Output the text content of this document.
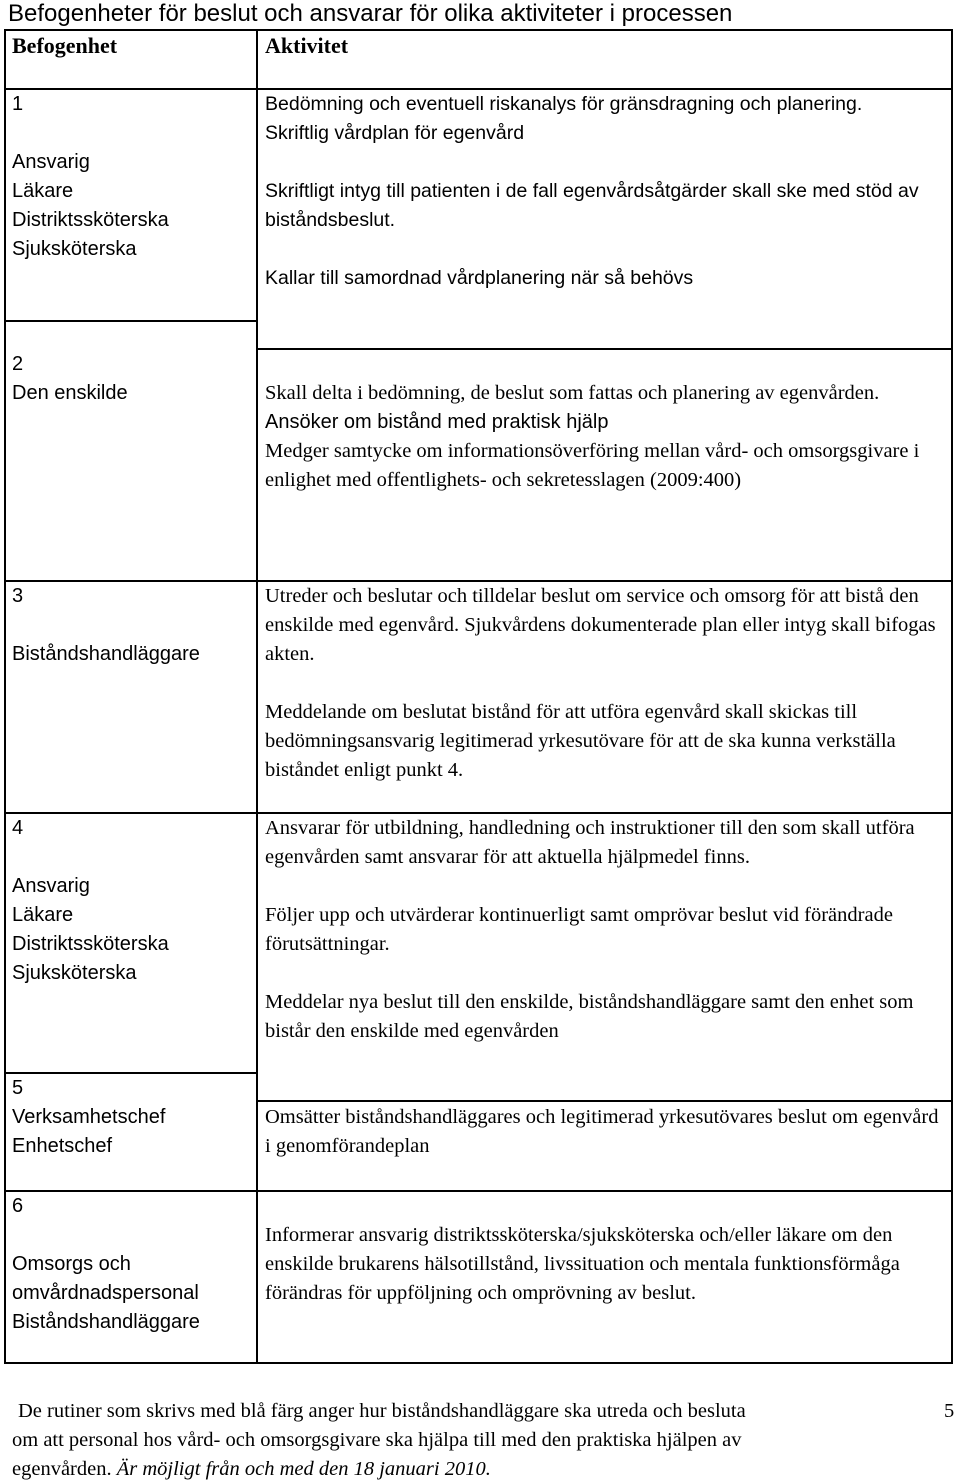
Befogenheter för beslut och ansvarar för olika aktiviteter i processen
Befogenhet	Aktivitet

1

Ansvarig

Läkare

Distriktssköterska

Sjuksköterska

Bedömning och eventuell riskanalys för gränsdragning och planering.

Skriftlig vårdplan för egenvård

Skriftligt intyg till patienten i de fall egenvårdsåtgärder skall ske med stöd av biståndsbeslut.

Kallar till samordnad vårdplanering när så behövs

2

Den enskilde	Skall delta i bedömning, de beslut som fattas och planering av egenvården.

Ansöker om bistånd med praktisk hjälp

Medger samtycke om informationsöverföring mellan vård- och omsorgsgivare i enlighet med offentlighets- och sekretesslagen (2009:400)

3

Biståndshandläggare

Utreder och beslutar och tilldelar beslut om service och omsorg för att bistå den enskilde med egenvård. Sjukvårdens dokumenterade plan eller intyg skall bifogas akten.

Meddelande om beslutat bistånd för att utföra egenvård skall skickas till bedömningsansvarig legitimerad yrkesutövare för att de ska kunna verkställa biståndet enligt punkt 4.

4

Ansvarig

Läkare

Distriktssköterska

Sjuksköterska

Ansvarar för utbildning, handledning och instruktioner till den som skall utföra egenvården samt ansvarar för att aktuella hjälpmedel finns.

Följer upp och utvärderar kontinuerligt samt omprövar beslut vid förändrade förutsättningar.

Meddelar nya beslut till den enskilde, biståndshandläggare samt den enhet som bistår den enskilde med egenvården

5

Verksamhetschef

Enhetschef

Omsätter biståndshandläggares och legitimerad yrkesutövares beslut om egenvård i genomförandeplan

6

Omsorgs och

omvårdnadspersonal

Biståndshandläggare

Informerar ansvarig distriktssköterska/sjuksköterska och/eller läkare om den enskilde brukarens hälsotillstånd, livssituation och mentala funktionsförmåga förändras för uppföljning och omprövning av beslut.

De rutiner som skrivs med blå färg anger hur biståndshandläggare ska utreda och besluta

om att personal hos vård- och omsorgsgivare ska hjälpa till med den praktiska hjälpen av

egenvården. Är möjligt från och med den 18 januari 2010.

5
